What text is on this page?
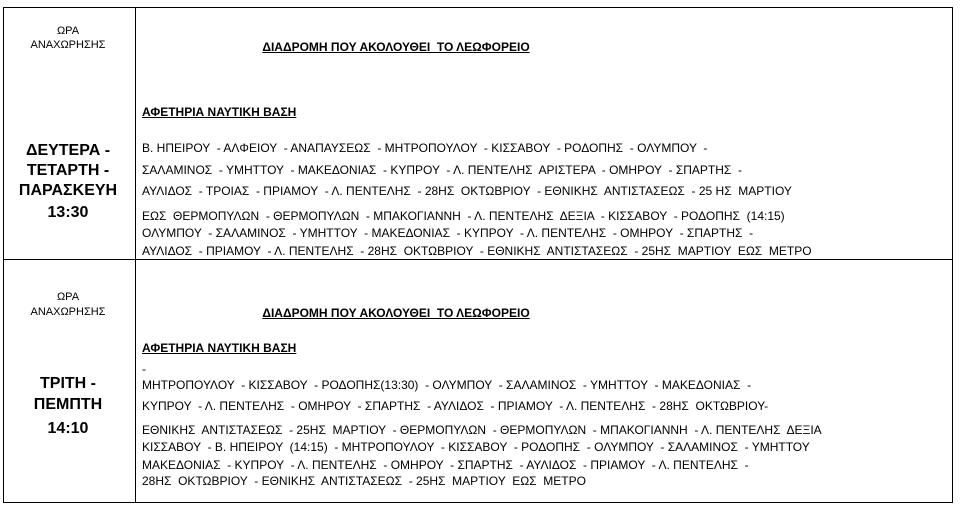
ΩΡΑ
ΑΝΑΧΩΡΗΣΗΣ
ΔΕΥΤΕΡΑ -
ΤΕΤΑΡΤΗ -
ΠΑΡΑΣΚΕΥΗ
13:30
ΔΙΑΔΡΟΜΗ ΠΟΥ ΑΚΟΛΟΥΘΕΙ  ΤΟ ΛΕΩΦΟΡΕΙΟ
ΑΦΕΤΗΡΙΑ ΝΑΥΤΙΚΗ ΒΑΣΗ
Β. ΗΠΕΙΡΟΥ  - ΑΛΦΕΙΟΥ  - ΑΝΑΠΑΥΣΕΩΣ  - ΜΗΤΡΟΠΟΥΛΟΥ  - ΚΙΣΣΑΒΟΥ  - ΡΟΔΟΠΗΣ  - ΟΛΥΜΠΟΥ  -
ΣΑΛΑΜΙΝΟΣ  - ΥΜΗΤΤΟΥ  - ΜΑΚΕΔΟΝΙΑΣ  - ΚΥΠΡΟΥ  - Λ. ΠΕΝΤΕΛΗΣ  ΑΡΙΣΤΕΡΑ  - ΟΜΗΡΟΥ  - ΣΠΑΡΤΗΣ  -
ΑΥΛΙΔΟΣ  - ΤΡΟΙΑΣ  - ΠΡΙΑΜΟΥ  - Λ. ΠΕΝΤΕΛΗΣ  - 28ΗΣ  ΟΚΤΩΒΡΙΟΥ  - ΕΘΝΙΚΗΣ  ΑΝΤΙΣΤΑΣΕΩΣ  - 25 ΗΣ  ΜΑΡΤΙΟΥ
ΕΩΣ  ΘΕΡΜΟΠΥΛΩΝ  - ΘΕΡΜΟΠΥΛΩΝ  - ΜΠΑΚΟΓΙΑΝΝΗ  - Λ. ΠΕΝΤΕΛΗΣ  ΔΕΞΙΑ  - ΚΙΣΣΑΒΟΥ  - ΡΟΔΟΠΗΣ  (14:15)
ΟΛΥΜΠΟΥ  - ΣΑΛΑΜΙΝΟΣ  - ΥΜΗΤΤΟΥ  - ΜΑΚΕΔΟΝΙΑΣ  - ΚΥΠΡΟΥ  - Λ. ΠΕΝΤΕΛΗΣ  - ΟΜΗΡΟΥ  - ΣΠΑΡΤΗΣ  -
ΑΥΛΙΔΟΣ  - ΠΡΙΑΜΟΥ  - Λ. ΠΕΝΤΕΛΗΣ  - 28ΗΣ  ΟΚΤΩΒΡΙΟΥ  - ΕΘΝΙΚΗΣ  ΑΝΤΙΣΤΑΣΕΩΣ  - 25ΗΣ  ΜΑΡΤΙΟΥ  ΕΩΣ  ΜΕΤΡΟ
ΩΡΑ
ΑΝΑΧΩΡΗΣΗΣ
ΤΡΙΤΗ -
ΠΕΜΠΤΗ
14:10
ΔΙΑΔΡΟΜΗ ΠΟΥ ΑΚΟΛΟΥΘΕΙ  ΤΟ ΛΕΩΦΟΡΕΙΟ
ΑΦΕΤΗΡΙΑ ΝΑΥΤΙΚΗ ΒΑΣΗ
-
ΜΗΤΡΟΠΟΥΛΟΥ  - ΚΙΣΣΑΒΟΥ  - ΡΟΔΟΠΗΣ(13:30)  - ΟΛΥΜΠΟΥ  - ΣΑΛΑΜΙΝΟΣ  - ΥΜΗΤΤΟΥ  - ΜΑΚΕΔΟΝΙΑΣ  -
ΚΥΠΡΟΥ  - Λ. ΠΕΝΤΕΛΗΣ  - ΟΜΗΡΟΥ  - ΣΠΑΡΤΗΣ  - ΑΥΛΙΔΟΣ  - ΠΡΙΑΜΟΥ  - Λ. ΠΕΝΤΕΛΗΣ  - 28ΗΣ  ΟΚΤΩΒΡΙΟΥ-
ΕΘΝΙΚΗΣ  ΑΝΤΙΣΤΑΣΕΩΣ  - 25ΗΣ  ΜΑΡΤΙΟΥ  - ΘΕΡΜΟΠΥΛΩΝ  - ΘΕΡΜΟΠΥΛΩΝ  - ΜΠΑΚΟΓΙΑΝΝΗ  - Λ. ΠΕΝΤΕΛΗΣ  ΔΕΞΙΑ
ΚΙΣΣΑΒΟΥ  - Β. ΗΠΕΙΡΟΥ  (14:15)  - ΜΗΤΡΟΠΟΥΛΟΥ  - ΚΙΣΣΑΒΟΥ  - ΡΟΔΟΠΗΣ  - ΟΛΥΜΠΟΥ  - ΣΑΛΑΜΙΝΟΣ  - ΥΜΗΤΤΟΥ
ΜΑΚΕΔΟΝΙΑΣ  - ΚΥΠΡΟΥ  - Λ. ΠΕΝΤΕΛΗΣ  - ΟΜΗΡΟΥ  - ΣΠΑΡΤΗΣ  - ΑΥΛΙΔΟΣ  - ΠΡΙΑΜΟΥ  - Λ. ΠΕΝΤΕΛΗΣ  -
28ΗΣ  ΟΚΤΩΒΡΙΟΥ  - ΕΘΝΙΚΗΣ  ΑΝΤΙΣΤΑΣΕΩΣ  - 25ΗΣ  ΜΑΡΤΙΟΥ  ΕΩΣ  ΜΕΤΡΟ
